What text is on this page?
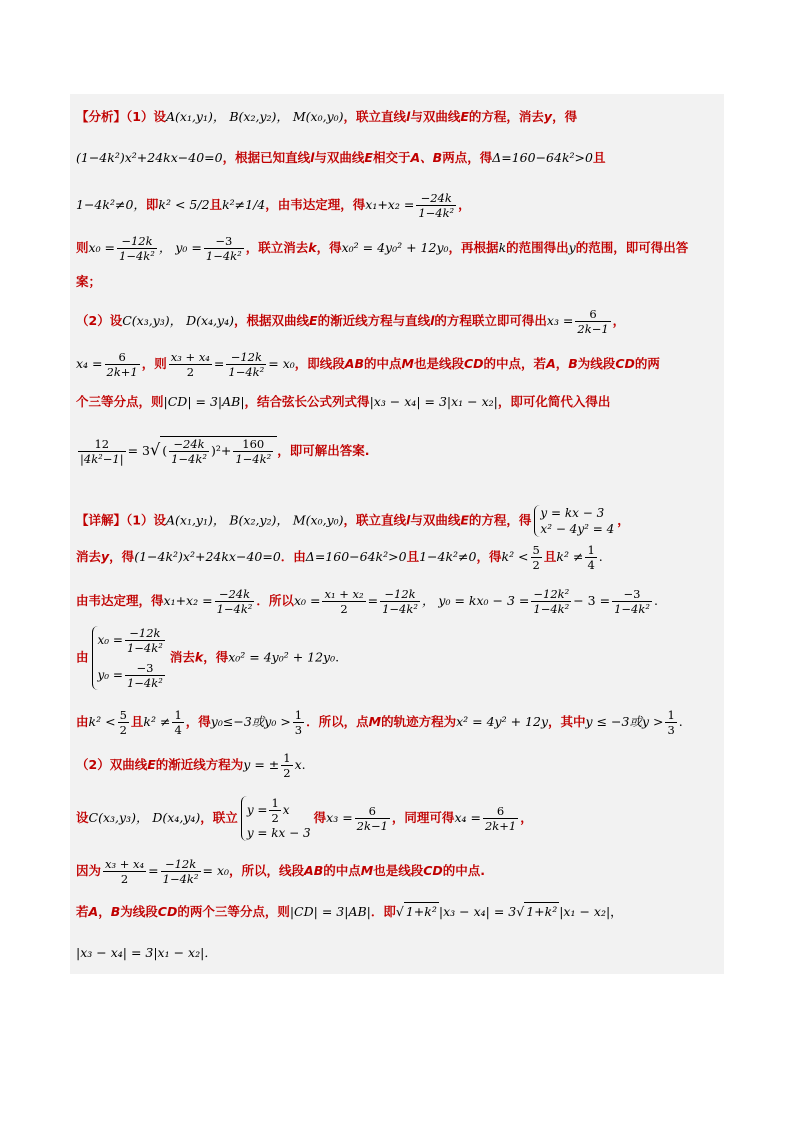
【分析】（1）设A(x₁,y₁)， B(x₂,y₂)， M(x₀,y₀)，联立直线l与双曲线E的方程，消去y，得
(1−4k²)x²+24kx−40=0，根据已知直线l与双曲线E相交于A、B两点，得Δ=160−64k²>0且
1−4k²≠0，即k² < 5/2且k²≠1/4，由韦达定理，得$x_1+x_2 = \frac{-24k}{\text{1−4k²}}$ ，
则$x_0 = \frac{-12k}{\text{1−4k²}}$ ， $y_0 = \frac{-3}{\text{1−4k²}}$ ，联立消去k，得x₀² = 4y₀² + 12y₀，再根据k的范围得出y的范围，即可得出答
案；
（2）设C(x₃,y₃)， D(x₄,y₄)，根据双曲线E的渐近线方程与直线l的方程联立即可得出$x_3 = \frac{6}{2k-1}$ ，
$x_4 = \frac{6}{2k+1}$ ，则 $\frac{\text{x₃ + x₄}}{2} = \frac{-12k}{\text{1−4k²}} = x_0$，即线段AB的中点M也是线段CD的中点，若A，B为线段CD的两
个三等分点，则|CD| = 3|AB|，结合弦长公式列式得|x₃ − x₄| = 3|x₁ − x₂|，即可化简代入得出
$\frac{12}{\text{|4k²−1|}} = 3√$ ( $\frac{-24k}{\text{1−4k²}} )^2+ \frac{160}{\text{1−4k²}}$ ，即可解出答案.
【详解】（1）设A(x₁,y₁)， B(x₂,y₂)， M(x₀,y₀)，联立直线l与双曲线E的方程，得 y = kx − 3
x² − 4y² = 4
，
消去y，得(1−4k²)x²+24kx−40=0．由Δ=160−64k²>0且1−4k²≠0，得$k^2 < \frac{5}{2}$ 且$k^2 \ne \frac{1}{4}$ .
由韦达定理，得$x_1+x_2 = \frac{-24k}{\text{1−4k²}}$ ．所以$x_0 = \frac{\text{x₁ + x₂}}{2} = \frac{-12k}{\text{1−4k²}}$ ， $y_0 = kx_0 - 3 = \frac{\text{−12k²}}{\text{1−4k²}} - 3 = \frac{-3}{\text{1−4k²}}$ .
由
$x_0 = \frac{-12k}{\text{1−4k²}}$
$y_0 = \frac{-3}{\text{1−4k²}}$
消去k，得x₀² = 4y₀² + 12y₀.
由$k^2 < \frac{5}{2}$ 且$k^2 \ne \frac{1}{4}$ ，得y₀≤−3或$y_0 > \frac{1}{3}$ ．所以，点M的轨迹方程为x² = 4y² + 12y，其中y ≤ −3或$y > \frac{1}{3}$ .
（2）双曲线E的渐近线方程为y = ± $\frac{1}{2} x$.
设C(x₃,y₃)， D(x₄,y₄)，联立 $y = \frac{1}{2}$ x
y = kx − 3
得$x_3 = \frac{6}{2k-1}$ ，同理可得$x_4 = \frac{6}{2k+1}$ ，
因为 $\frac{\text{x₃ + x₄}}{2} = \frac{-12k}{\text{1−4k²}} = x_0$，所以，线段AB的中点M也是线段CD的中点.
若A，B为线段CD的两个三等分点，则|CD| = 3|AB|．即√ 1+k² |x₃ − x₄| = 3√ 1+k² |x₁ − x₂|，
|x₃ − x₄| = 3|x₁ − x₂|．
